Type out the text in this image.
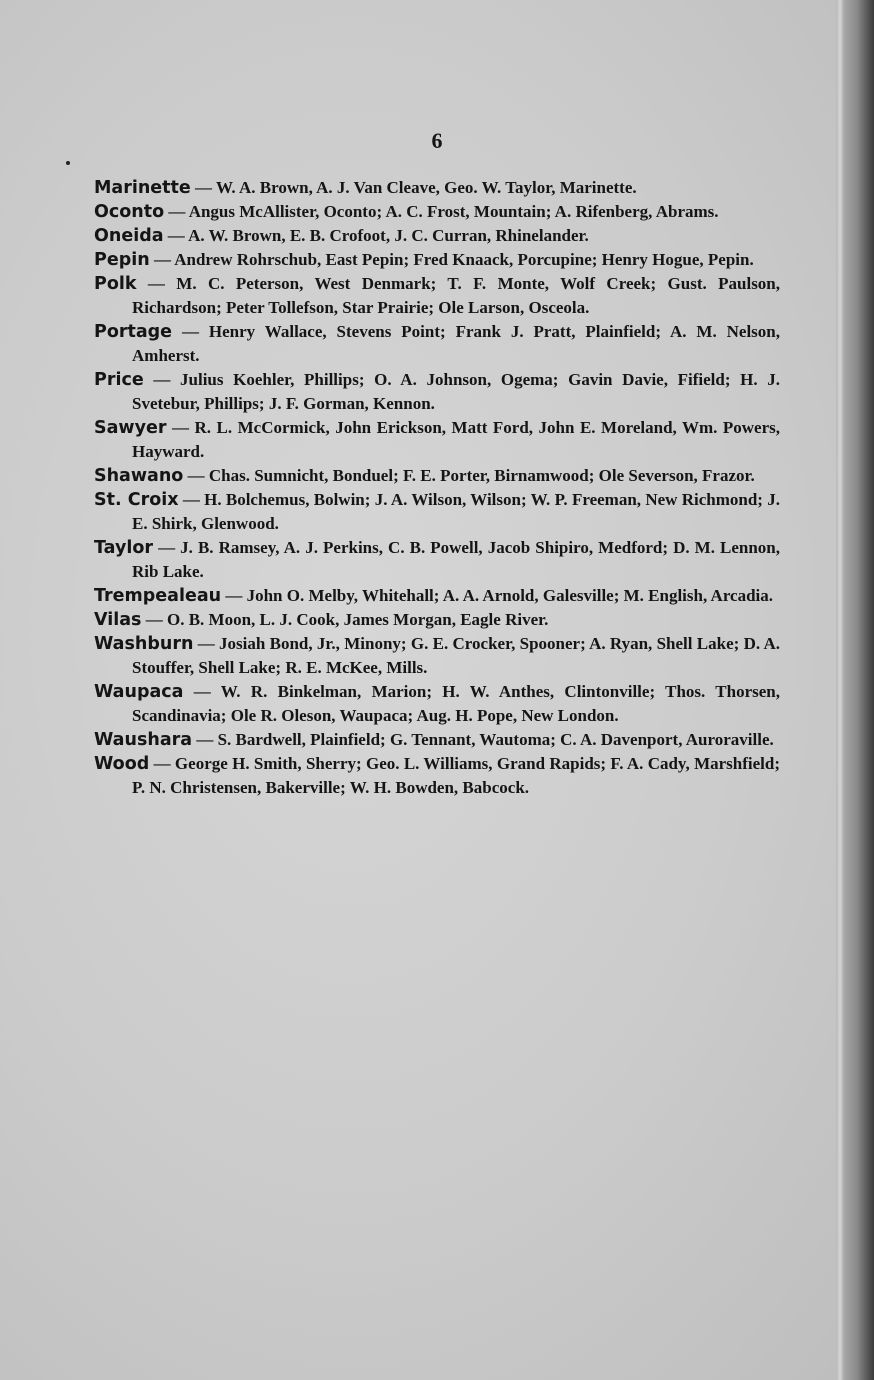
6

Marinette — W. A. Brown, A. J. Van Cleave, Geo. W. Taylor, Marinette.

Oconto — Angus McAllister, Oconto; A. C. Frost, Mountain; A. Rifenberg, Abrams.

Oneida — A. W. Brown, E. B. Crofoot, J. C. Curran, Rhinelander.

Pepin — Andrew Rohrschub, East Pepin; Fred Knaack, Porcupine; Henry Hogue, Pepin.

Polk — M. C. Peterson, West Denmark; T. F. Monte, Wolf Creek; Gust. Paulson, Richardson; Peter Tollefson, Star Prairie; Ole Larson, Osceola.

Portage — Henry Wallace, Stevens Point; Frank J. Pratt, Plainfield; A. M. Nelson, Amherst.

Price — Julius Koehler, Phillips; O. A. Johnson, Ogema; Gavin Davie, Fifield; H. J. Svetebur, Phillips; J. F. Gorman, Kennon.

Sawyer — R. L. McCormick, John Erickson, Matt Ford, John E. Moreland, Wm. Powers, Hayward.

Shawano — Chas. Sumnicht, Bonduel; F. E. Porter, Birnamwood; Ole Severson, Frazor.

St. Croix — H. Bolchemus, Bolwin; J. A. Wilson, Wilson; W. P. Freeman, New Richmond; J. E. Shirk, Glenwood.

Taylor — J. B. Ramsey, A. J. Perkins, C. B. Powell, Jacob Shipiro, Medford; D. M. Lennon, Rib Lake.

Trempealeau — John O. Melby, Whitehall; A. A. Arnold, Galesville; M. English, Arcadia.

Vilas — O. B. Moon, L. J. Cook, James Morgan, Eagle River.

Washburn — Josiah Bond, Jr., Minony; G. E. Crocker, Spooner; A. Ryan, Shell Lake; D. A. Stouffer, Shell Lake; R. E. McKee, Mills.

Waupaca — W. R. Binkelman, Marion; H. W. Anthes, Clintonville; Thos. Thorsen, Scandinavia; Ole R. Oleson, Waupaca; Aug. H. Pope, New London.

Waushara — S. Bardwell, Plainfield; G. Tennant, Wautoma; C. A. Davenport, Auroraville.

Wood — George H. Smith, Sherry; Geo. L. Williams, Grand Rapids; F. A. Cady, Marshfield; P. N. Christensen, Bakerville; W. H. Bowden, Babcock.
